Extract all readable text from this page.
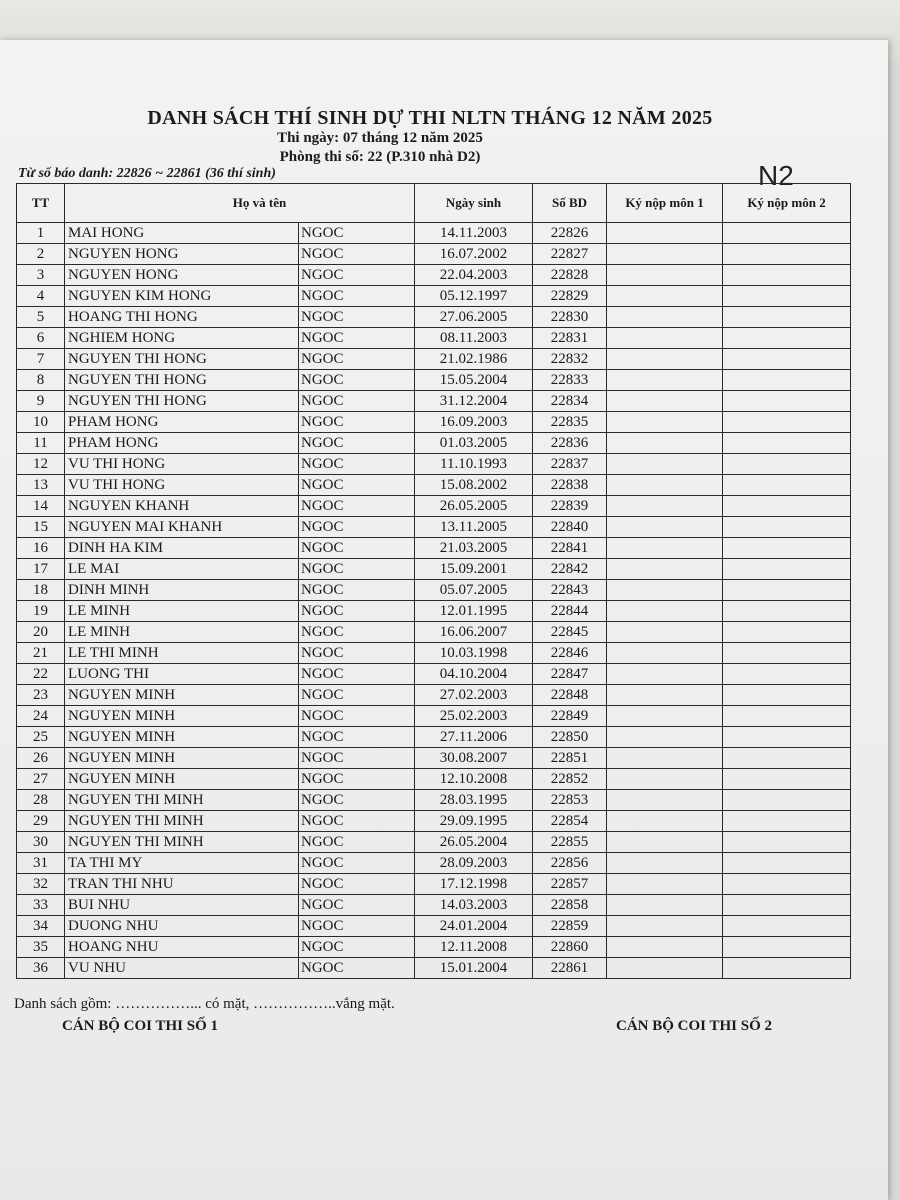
DANH SÁCH THÍ SINH DỰ THI NLTN THÁNG 12 NĂM 2025
Thi ngày: 07 tháng 12 năm 2025
Phòng thi số: 22 (P.310 nhà D2)
Từ số báo danh: 22826 ~ 22861 (36 thí sinh)	N2
TT	Họ và tên		Ngày sinh	Số BD	Ký nộp môn 1	Ký nộp môn 2
1	MAI HONG	NGOC	14.11.2003	22826		
2	NGUYEN HONG	NGOC	16.07.2002	22827		
3	NGUYEN HONG	NGOC	22.04.2003	22828		
4	NGUYEN KIM HONG	NGOC	05.12.1997	22829		
5	HOANG THI HONG	NGOC	27.06.2005	22830		
6	NGHIEM HONG	NGOC	08.11.2003	22831		
7	NGUYEN THI HONG	NGOC	21.02.1986	22832		
8	NGUYEN THI HONG	NGOC	15.05.2004	22833		
9	NGUYEN THI HONG	NGOC	31.12.2004	22834		
10	PHAM HONG	NGOC	16.09.2003	22835		
11	PHAM HONG	NGOC	01.03.2005	22836		
12	VU THI HONG	NGOC	11.10.1993	22837		
13	VU THI HONG	NGOC	15.08.2002	22838		
14	NGUYEN KHANH	NGOC	26.05.2005	22839		
15	NGUYEN MAI KHANH	NGOC	13.11.2005	22840		
16	DINH HA KIM	NGOC	21.03.2005	22841		
17	LE MAI	NGOC	15.09.2001	22842		
18	DINH MINH	NGOC	05.07.2005	22843		
19	LE MINH	NGOC	12.01.1995	22844		
20	LE MINH	NGOC	16.06.2007	22845		
21	LE THI MINH	NGOC	10.03.1998	22846		
22	LUONG THI	NGOC	04.10.2004	22847		
23	NGUYEN MINH	NGOC	27.02.2003	22848		
24	NGUYEN MINH	NGOC	25.02.2003	22849		
25	NGUYEN MINH	NGOC	27.11.2006	22850		
26	NGUYEN MINH	NGOC	30.08.2007	22851		
27	NGUYEN MINH	NGOC	12.10.2008	22852		
28	NGUYEN THI MINH	NGOC	28.03.1995	22853		
29	NGUYEN THI MINH	NGOC	29.09.1995	22854		
30	NGUYEN THI MINH	NGOC	26.05.2004	22855		
31	TA THI MY	NGOC	28.09.2003	22856		
32	TRAN THI NHU	NGOC	17.12.1998	22857		
33	BUI NHU	NGOC	14.03.2003	22858		
34	DUONG NHU	NGOC	24.01.2004	22859		
35	HOANG NHU	NGOC	12.11.2008	22860		
36	VU NHU	NGOC	15.01.2004	22861		
Danh sách gồm: ……………... có mặt, ……………..vắng mặt.
CÁN BỘ COI THI SỐ 1	CÁN BỘ COI THI SỐ 2
